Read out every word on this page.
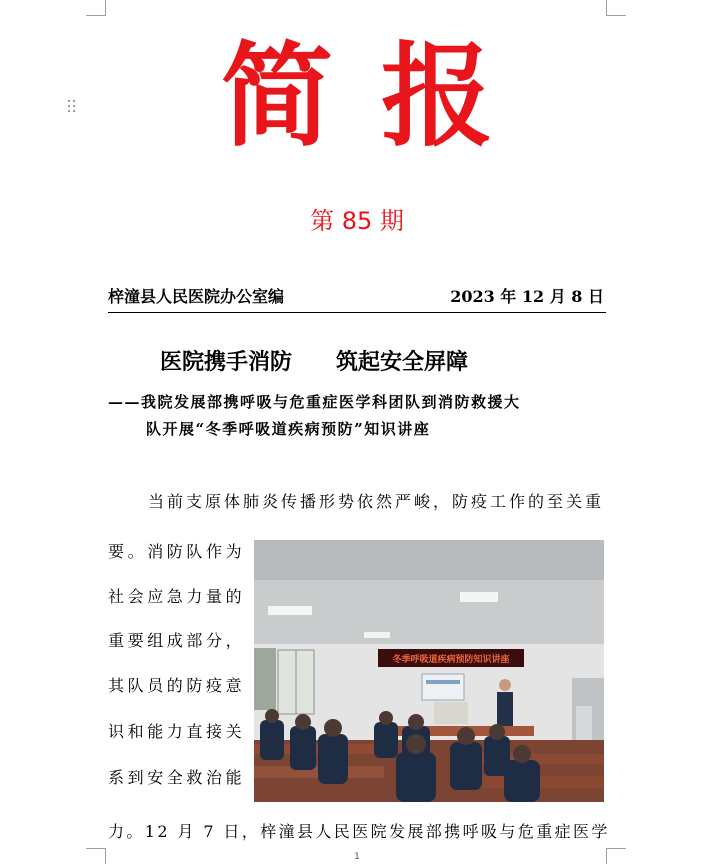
简报
第 85 期
梓潼县人民医院办公室编	2023 年 12 月 8 日
医院携手消防　　筑起安全屏障
——我院发展部携呼吸与危重症医学科团队到消防救援大
队开展“冬季呼吸道疾病预防”知识讲座
当前支原体肺炎传播形势依然严峻，防疫工作的至关重
要。消防队作为
社会应急力量的
重要组成部分，
其队员的防疫意
识和能力直接关
系到安全救治能
力。12 月 7 日，梓潼县人民医院发展部携呼吸与危重症医学
冬季呼吸道疾病预防知识讲座
1
